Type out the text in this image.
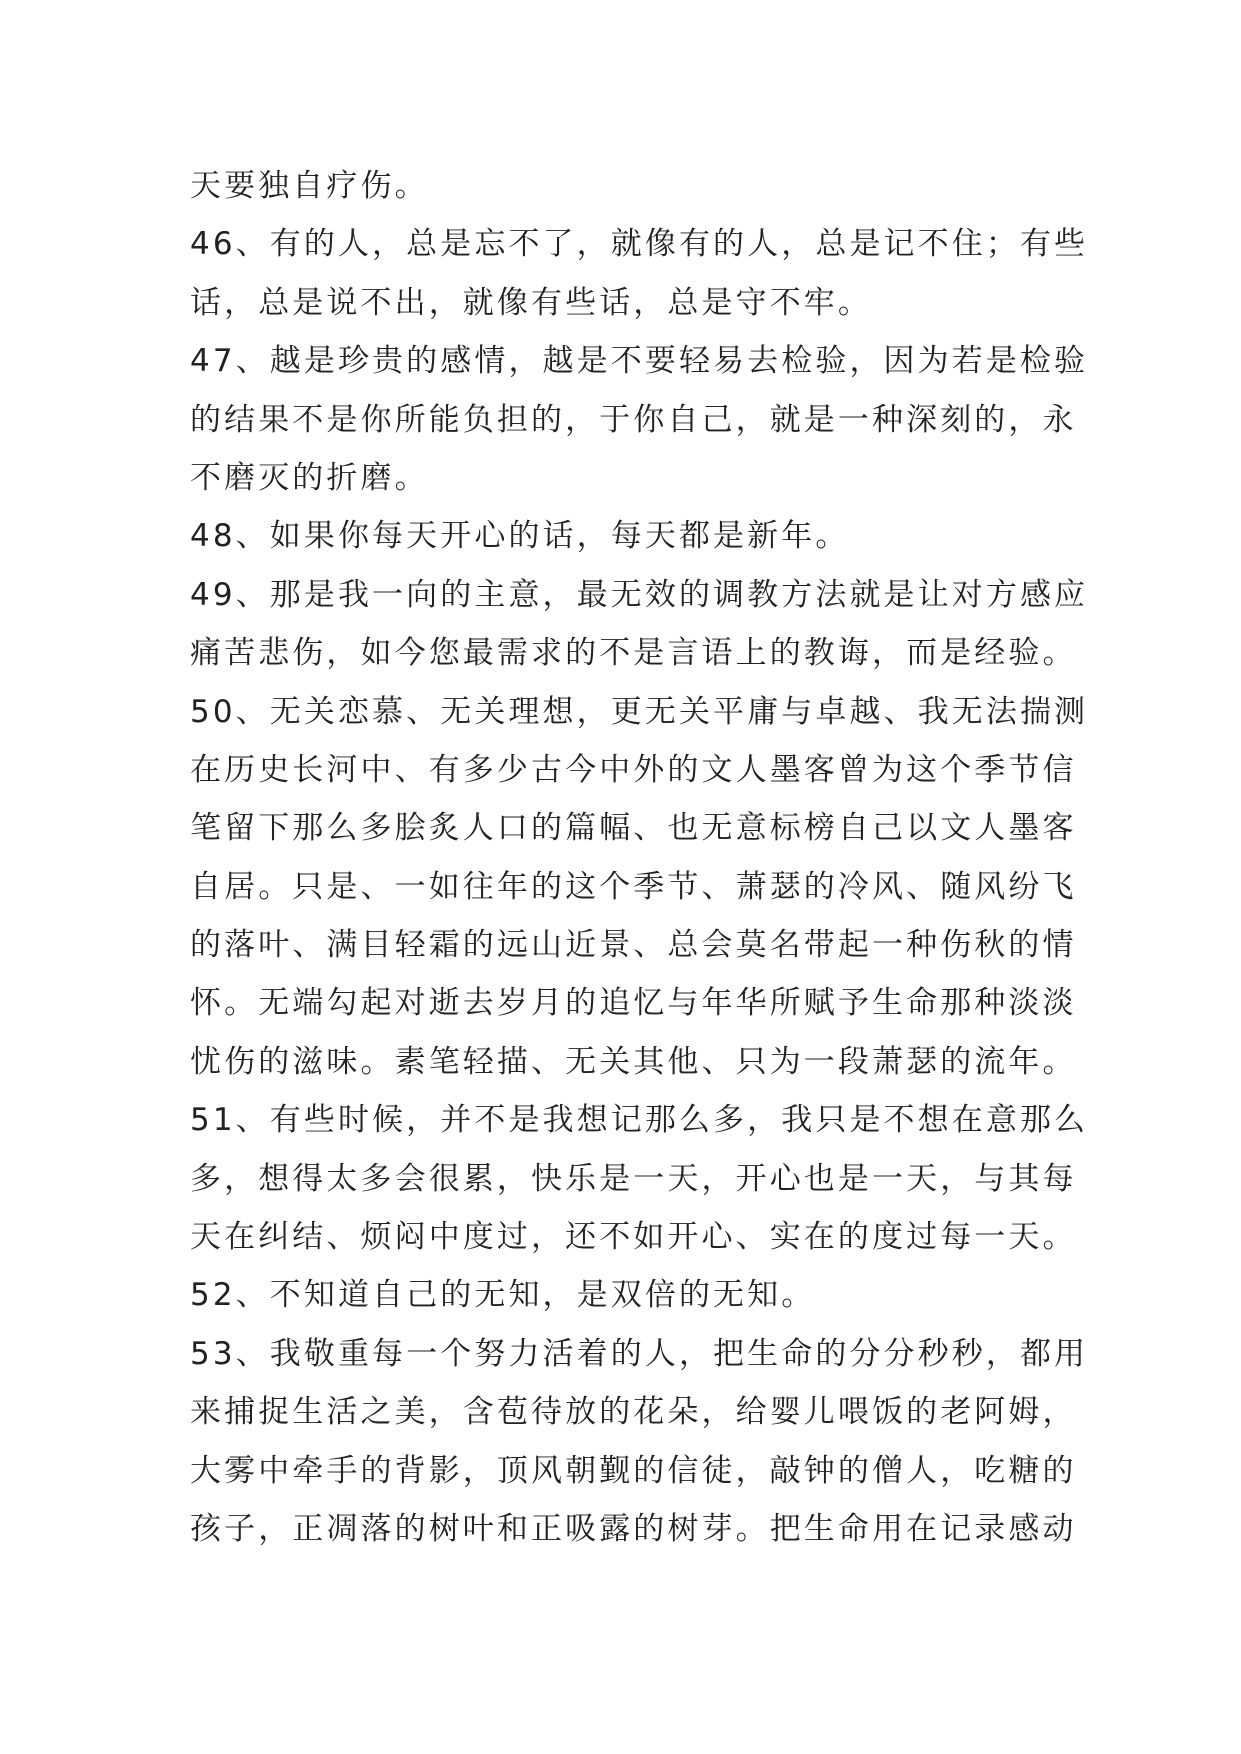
天要独自疗伤。
46、有的人，总是忘不了，就像有的人，总是记不住；有些
话，总是说不出，就像有些话，总是守不牢。
47、越是珍贵的感情，越是不要轻易去检验，因为若是检验
的结果不是你所能负担的，于你自己，就是一种深刻的，永
不磨灭的折磨。
48、如果你每天开心的话，每天都是新年。
49、那是我一向的主意，最无效的调教方法就是让对方感应
痛苦悲伤，如今您最需求的不是言语上的教诲，而是经验。
50、无关恋慕、无关理想，更无关平庸与卓越、我无法揣测
在历史长河中、有多少古今中外的文人墨客曾为这个季节信
笔留下那么多脍炙人口的篇幅、也无意标榜自己以文人墨客
自居。只是、一如往年的这个季节、萧瑟的冷风、随风纷飞
的落叶、满目轻霜的远山近景、总会莫名带起一种伤秋的情
怀。无端勾起对逝去岁月的追忆与年华所赋予生命那种淡淡
忧伤的滋味。素笔轻描、无关其他、只为一段萧瑟的流年。
51、有些时候，并不是我想记那么多，我只是不想在意那么
多，想得太多会很累，快乐是一天，开心也是一天，与其每
天在纠结、烦闷中度过，还不如开心、实在的度过每一天。
52、不知道自己的无知，是双倍的无知。
53、我敬重每一个努力活着的人，把生命的分分秒秒，都用
来捕捉生活之美，含苞待放的花朵，给婴儿喂饭的老阿姆，
大雾中牵手的背影，顶风朝觐的信徒，敲钟的僧人，吃糖的
孩子，正凋落的树叶和正吸露的树芽。把生命用在记录感动
